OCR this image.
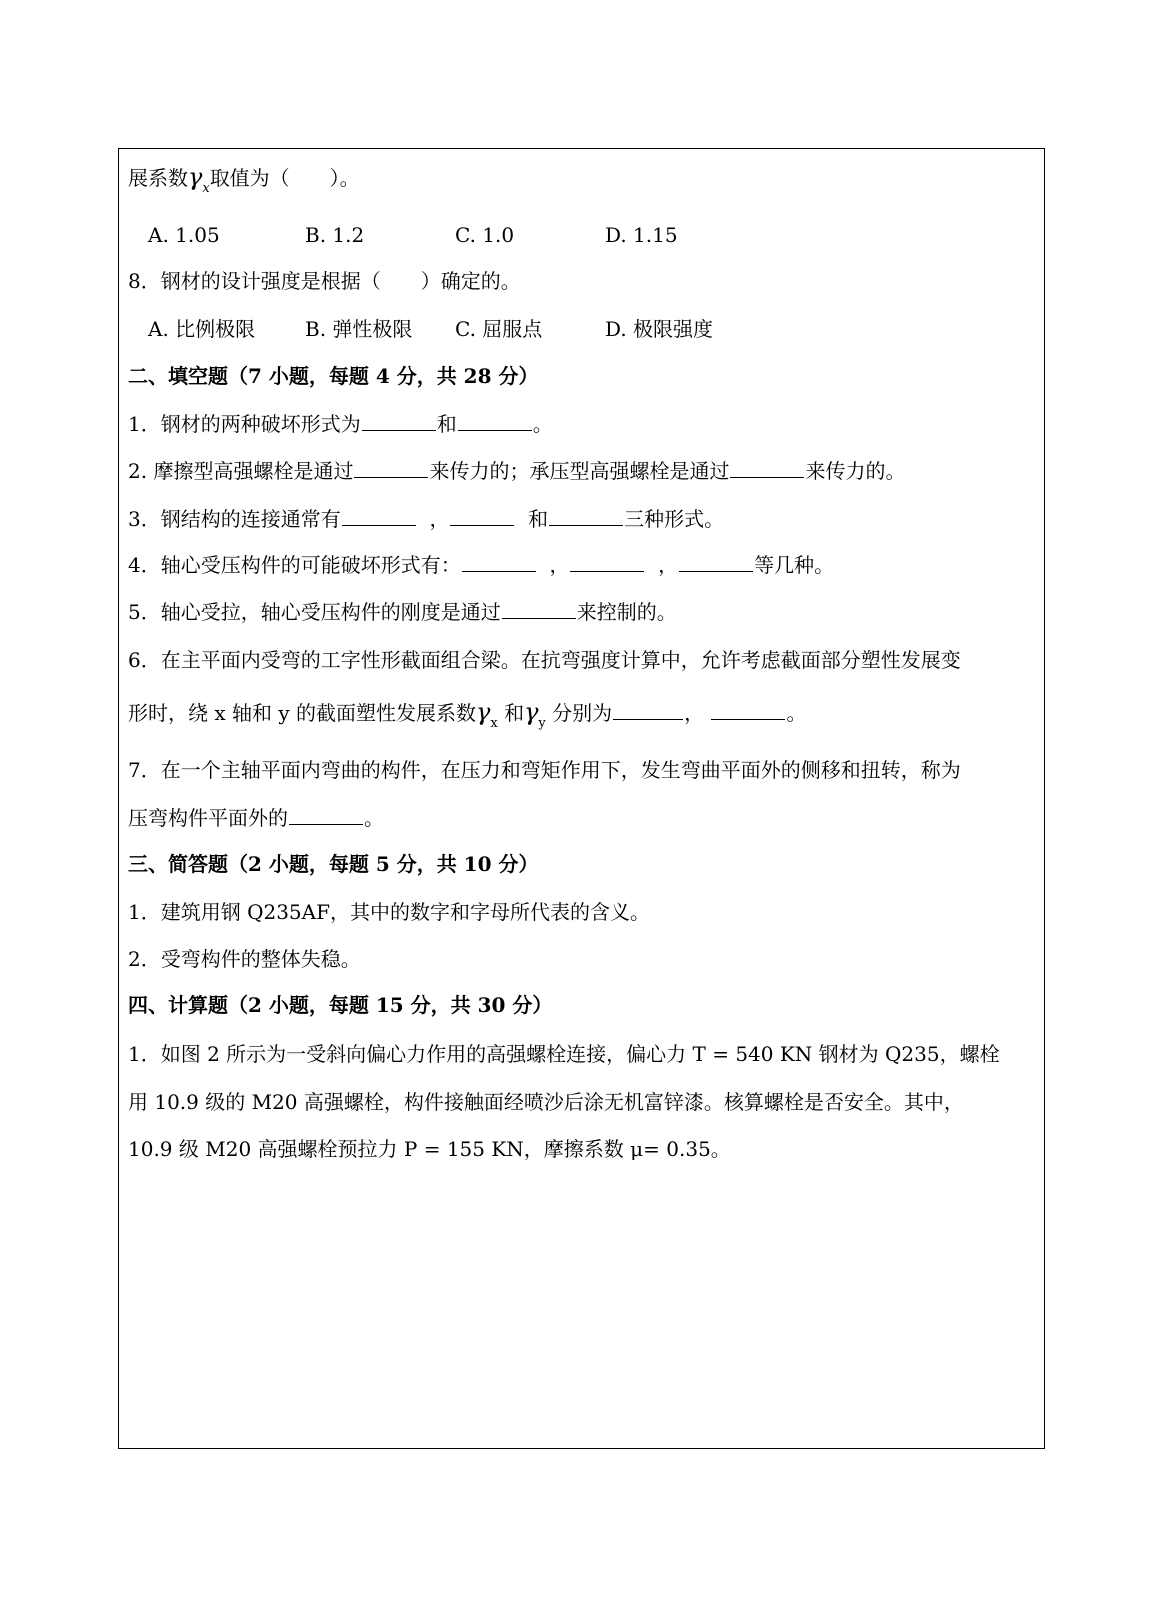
展系数$\gamma_x$取值为（　　）。
A. 1.05	B. 1.2	C. 1.0	D. 1.15
8．钢材的设计强度是根据（　　）确定的。
A. 比例极限 B. 弹性极限 C. 屈服点	D. 极限强度
二、填空题（7 小题，每题 4 分，共 28 分）
1．钢材的两种破坏形式为	和	。
2. 摩擦型高强螺栓是通过	来传力的；承压型高强螺栓是通过	来传力的。
3．钢结构的连接通常有	，	和	三种形式。
4．轴心受压构件的可能破坏形式有：	，	，	等几种。
5．轴心受拉，轴心受压构件的刚度是通过	来控制的。
6．在主平面内受弯的工字性形截面组合梁。在抗弯强度计算中，允许考虑截面部分塑性发展变
形时，绕 x 轴和 y 的截面塑性发展系数$\gamma_x$ 和$\gamma_y$ 分别为	，	。
7．在一个主轴平面内弯曲的构件，在压力和弯矩作用下，发生弯曲平面外的侧移和扭转，称为
压弯构件平面外的	。
三、简答题（2 小题，每题 5 分，共 10 分）
1．建筑用钢 Q235AF，其中的数字和字母所代表的含义。
2．受弯构件的整体失稳。
四、计算题（2 小题，每题 15 分，共 30 分）
1．如图 2 所示为一受斜向偏心力作用的高强螺栓连接，偏心力 T = 540 KN 钢材为 Q235，螺栓
用 10.9 级的 M20 高强螺栓，构件接触面经喷沙后涂无机富锌漆。核算螺栓是否安全。其中，
10.9 级 M20 高强螺栓预拉力 P = 155 KN，摩擦系数 μ= 0.35。
